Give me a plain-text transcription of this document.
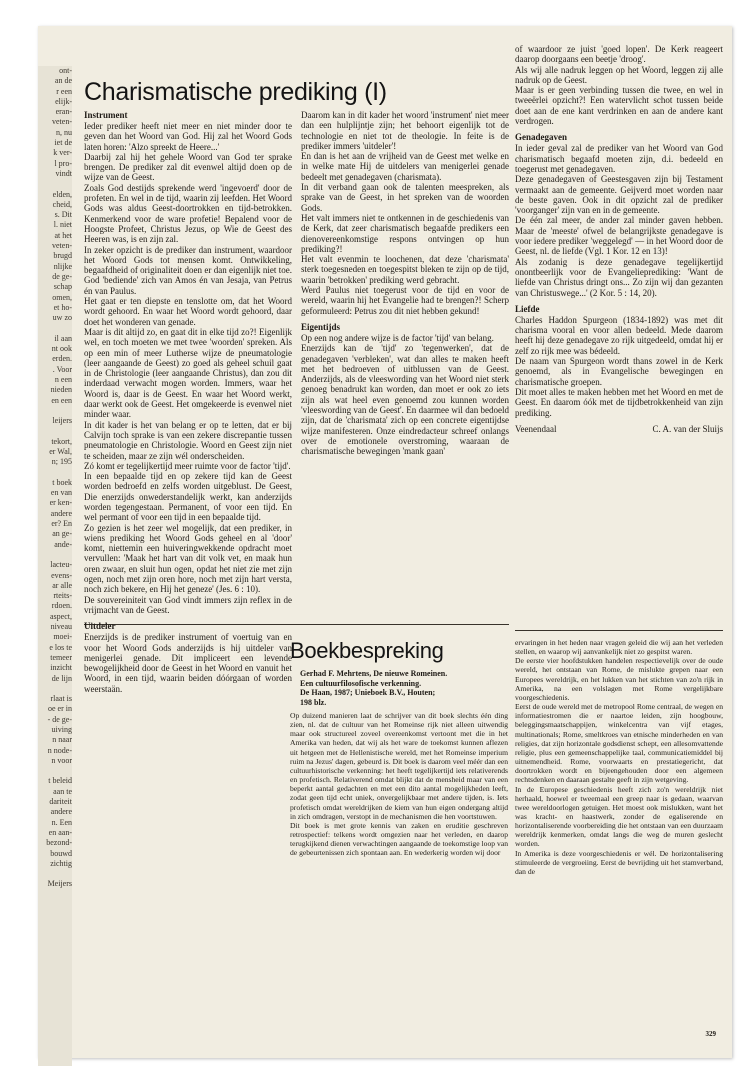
ont-
an de
r een
elijk-
eran-
veten-
n, nu
iet de
k ver-
l pro-
vindt
elden,
cheid,
s. Dit
l. niet
at het
veten-
brugd
nlijke
de ge-
schap
omen,
et ho-
uw zo
il aan
nt ook
erden.
. Voor
n een
nieden
en een
leijers
tekort,
er Wal,
n; 195
t boek
en van
er ken-
andere
er? En
an ge-
ande-
lacteu-
evens-
ar alle
rteits-
rdoen.
aspect,
niveau
moei-
e los te
temeer
inzicht
de lijn
rlaat is
oe er in
- de ge-
uiving
n naar
n node-
n voor
t beleid
aan te
dariteit
andere
n. Een
en aan-
bezond-
bouwd
zichtig
Meijers
Charismatische prediking (I)
Instrument

Ieder prediker heeft niet meer en niet minder door te geven dan het Woord van God. Hij zal het Woord Gods laten horen: 'Alzo spreekt de Heere...'

Daarbij zal hij het gehele Woord van God ter sprake brengen. De prediker zal dit evenwel altijd doen op de wijze van de Geest.

Zoals God destijds sprekende werd 'ingevoerd' door de profeten. En wel in de tijd, waarin zij leefden. Het Woord Gods was aldus Geest-doortrokken en tijd-betrokken. Kenmerkend voor de ware profetie! Bepalend voor de Hoogste Profeet, Christus Jezus, op Wie de Geest des Heeren was, is en zijn zal.

In zeker opzicht is de prediker dan instrument, waardoor het Woord Gods tot mensen komt. Ontwikkeling, begaafdheid of originaliteit doen er dan eigenlijk niet toe. God 'bediende' zich van Amos én van Jesaja, van Petrus én van Paulus.

Het gaat er ten diepste en tenslotte om, dat het Woord wordt gehoord. En waar het Woord wordt gehoord, daar doet het wonderen van genade.

Maar is dit altijd zo, en gaat dit in elke tijd zo?! Eigenlijk wel, en toch moeten we met twee 'woorden' spreken. Als op een min of meer Lutherse wijze de pneumatologie (leer aangaande de Geest) zo goed als geheel schuil gaat in de Christologie (leer aangaande Christus), dan zou dit inderdaad verwacht mogen worden. Immers, waar het Woord is, daar is de Geest. En waar het Woord werkt, daar werkt ook de Geest. Het omgekeerde is evenwel niet minder waar.

In dit kader is het van belang er op te letten, dat er bij Calvijn toch sprake is van een zekere discrepantie tussen pneumatologie en Christologie. Woord en Geest zijn niet te scheiden, maar ze zijn wél onderscheiden.

Zó komt er tegelijkertijd meer ruimte voor de factor 'tijd'.

In een bepaalde tijd en op zekere tijd kan de Geest worden bedroefd en zelfs worden uitgeblust. De Geest, Die enerzijds onwederstandelijk werkt, kan anderzijds worden tegengestaan. Permanent, of voor een tijd. En wel permant of voor een tijd in een bepaalde tijd.

Zo gezien is het zeer wel mogelijk, dat een prediker, in wiens prediking het Woord Gods geheel en al 'door' komt, niettemin een huiveringwekkende opdracht moet vervullen: 'Maak het hart van dit volk vet, en maak hun oren zwaar, en sluit hun ogen, opdat het niet zie met zijn ogen, noch met zijn oren hore, noch met zijn hart versta, noch zich bekere, en Hij het geneze' (Jes. 6 : 10).

De souvereiniteit van God vindt immers zijn reflex in de vrijmacht van de Geest.

Uitdeler

Enerzijds is de prediker instrument of voertuig van en voor het Woord Gods anderzijds is hij uitdeler van menigerlei genade. Dit impliceert een levende bewogelijkheid door de Geest in het Woord en vanuit het Woord, in een tijd, waarin beiden dóórgaan of worden weerstaän.

Daarom kan in dit kader het woord 'instrument' niet meer dan een hulplijntje zijn; het behoort eigenlijk tot de technologie en niet tot de theologie. In feite is de prediker immers 'uitdeler'!

En dan is het aan de vrijheid van de Geest met welke en in welke mate Hij de uitdelers van menigerlei genade bedeelt met genadegaven (charismata).

In dit verband gaan ook de talenten meespreken, als sprake van de Geest, in het spreken van de woorden Gods.

Het valt immers niet te ontkennen in de geschiedenis van de Kerk, dat zeer charismatisch begaafde predikers een dienovereenkomstige respons ontvingen op hun prediking?!

Het valt evenmin te loochenen, dat deze 'charismata' sterk toegesneden en toegespitst bleken te zijn op de tijd, waarin 'betrokken' prediking werd gebracht.

Werd Paulus niet toegerust voor de tijd en voor de wereld, waarin hij het Evangelie had te brengen?! Scherp geformuleerd: Petrus zou dit niet hebben gekund!

Eigentijds

Op een nog andere wijze is de factor 'tijd' van belang.

Enerzijds kan de 'tijd' zo 'tegenwerken', dat de genadegaven 'verbleken', wat dan alles te maken heeft met het bedroeven of uitblussen van de Geest. Anderzijds, als de vleeswording van het Woord niet sterk genoeg benadrukt kan worden, dan moet er ook zo iets zijn als wat heel even genoemd zou kunnen worden 'vleeswording van de Geest'. En daarmee wil dan bedoeld zijn, dat de 'charismata' zich op een concrete eigentijdse wijze manifesteren. Onze eindredacteur schreef onlangs over de emotionele overstroming, waaraan de charismatische bewegingen 'mank gaan'

of waardoor ze juist 'goed lopen'. De Kerk reageert daarop doorgaans een beetje 'droog'.

Als wij alle nadruk leggen op het Woord, leggen zij alle nadruk op de Geest.

Maar is er geen verbinding tussen die twee, en wel in tweeërlei opzicht?! Een watervlicht schot tussen beide doet aan de ene kant verdrinken en aan de andere kant verdrogen.

Genadegaven

In ieder geval zal de prediker van het Woord van God charismatisch begaafd moeten zijn, d.i. bedeeld en toegerust met genadegaven.

Deze genadegaven of Geestesgaven zijn bij Testament vermaakt aan de gemeente. Geijverd moet worden naar de beste gaven. Ook in dit opzicht zal de prediker 'voorganger' zijn van en in de gemeente.

De één zal meer, de ander zal minder gaven hebben. Maar de 'meeste' ofwel de belangrijkste genadegave is voor iedere prediker 'weggelegd' — in het Woord door de Geest, nl. de liefde (Vgl. 1 Kor. 12 en 13)!

Als zodanig is deze genadegave tegelijkertijd onontbeerlijk voor de Evangelieprediking: 'Want de liefde van Christus dringt ons... Zo zijn wij dan gezanten van Christuswege...' (2 Kor. 5 : 14, 20).

Liefde

Charles Haddon Spurgeon (1834-1892) was met dit charisma vooral en voor allen bedeeld. Mede daarom heeft hij deze genadegave zo rijk uitgedeeld, omdat hij er zelf zo rijk mee was bédeeld.

De naam van Spurgeon wordt thans zowel in de Kerk genoemd, als in Evangelische bewegingen en charismatische groepen.

Dit moet alles te maken hebben met het Woord en met de Geest. En daarom óók met de tijdbetrokkenheid van zijn prediking.

Veenendaal	C. A. van der Sluijs
Boekbespreking
Gerhad F. Mehrtens, De nieuwe Romeinen.
Een cultuurfilosofische verkenning.
De Haan, 1987; Unieboek B.V., Houten;
198 blz.

Op duizend manieren laat de schrijver van dit boek slechts één ding zien, nl. dat de cultuur van het Romeinse rijk niet alleen uitwendig maar ook structureel zoveel overeenkomst vertoont met die in het Amerika van heden, dat wij als het ware de toekomst kunnen aflezen uit hetgeen met de Hellenistische wereld, met het Romeinse imperium ruim na Jezus' dagen, gebeurd is. Dit boek is daarom veel méér dan een cultuurhistorische verkenning: het heeft tegelijkertijd iets relativerends en profetisch. Relativerend omdat blijkt dat de mensheid maar van een beperkt aantal gedachten en met een dito aantal mogelijkheden leeft, zodat geen tijd echt uniek, onvergelijkbaar met andere tijden, is. Iets profetisch omdat wereldrijken de kiem van hun eigen ondergang altijd in zich omdragen, verstopt in de mechanismen die hen voortstuwen.

Dit boek is met grote kennis van zaken en eruditie geschreven retrospectief: telkens wordt omgezien naar het verleden, en daarop terugkijkend dienen verwachtingen aangaande de toekomstige loop van de gebeurtenissen zich spontaan aan. En wederkerig worden wij door

ervaringen in het heden naar vragen geleid die wij aan het verleden stellen, en waarop wij aanvankelijk niet zo gespitst waren.

De eerste vier hoofdstukken handelen respectievelijk over de oude wereld, het ontstaan van Rome, de mislukte grepen naar een Europees wereldrijk, en het lukken van het stichten van zo'n rijk in Amerika, na een volslagen met Rome vergelijkbare voorgeschiedenis.

Eerst de oude wereld met de metropool Rome centraal, de wegen en informatiestromen die er naartoe leiden, zijn hoogbouw, beleggingsmaatschappijen, winkelcentra van vijf etages, multinationals; Rome, smeltkroes van etnische minderheden en van religies, dat zijn horizontale godsdienst schept, een allesomvattende religie, plus een gemeenschappelijke taal, communicatiemiddel bij uitnemendheid. Rome, voorwaarts en prestatiegericht, dat doortrokken wordt en bijeengehouden door een algemeen rechtsdenken en daaraan gestalte geeft in zijn wetgeving.

In de Europese geschiedenis heeft zich zo'n wereldrijk niet herhaald, hoewel er tweemaal een greep naar is gedaan, waarvan twee wereldoorlogen getuigen. Het moest ook mislukken, want het was kracht- en haastwerk, zonder de egaliserende en horizontaliserende voorbereiding die het ontstaan van een duurzaam wereldrijk kenmerken, omdat langs die weg de muren geslecht worden.

In Amerika is deze voorgeschiedenis er wél. De horizontalisering stimuleerde de vergroeiing. Eerst de bevrijding uit het stamverband, dan de

329
